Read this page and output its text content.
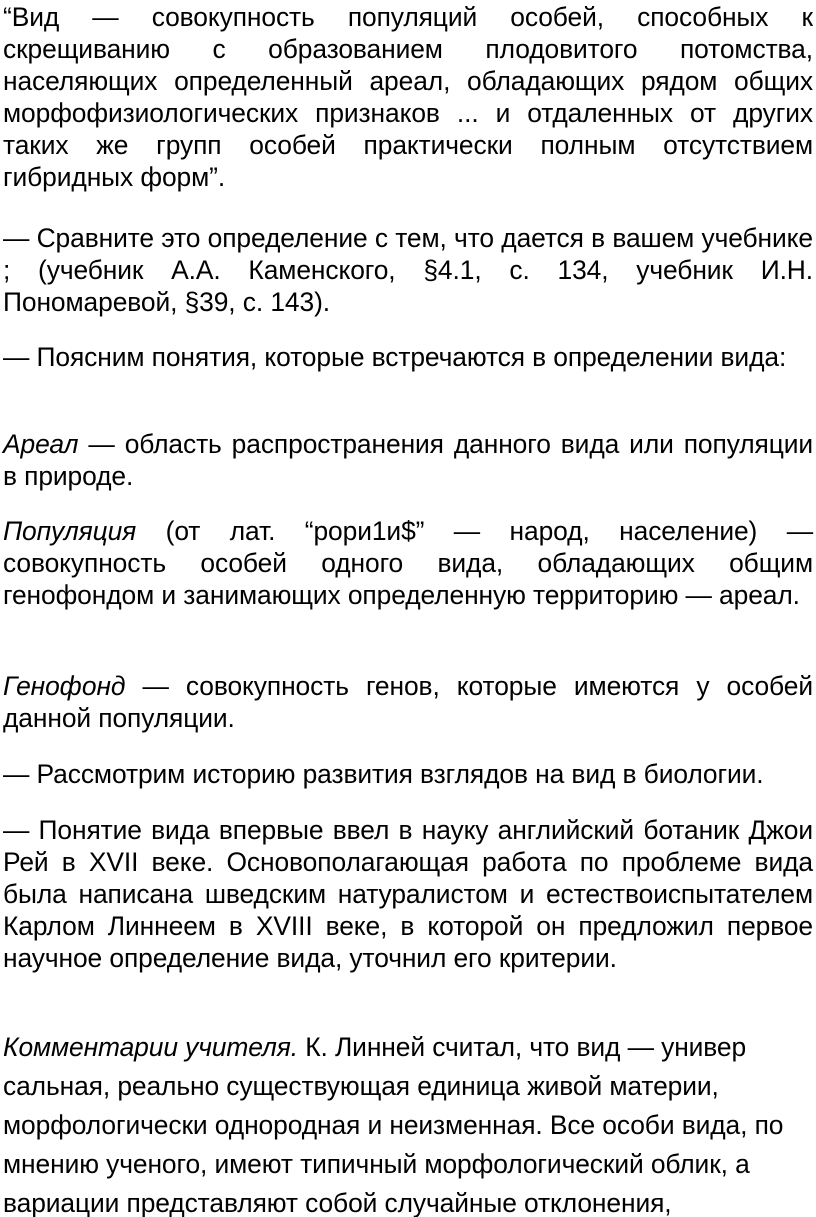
“Вид — совокупность популяций особей, способных к скрещиванию с образованием плодовитого потомства, населяющих определенный ареал, обладающих рядом общих морфофизиологических признаков ... и отдаленных от других таких же групп особей практически полным отсутствием гибридных форм”.

— Сравните это определение с тем, что дается в вашем учебнике ; (учебник А.А. Каменского, §4.1, с. 134, учебник И.Н. Пономаревой, §39, с. 143).

— Поясним понятия, которые встречаются в определении вида:

Ареал — область распространения данного вида или популяции в природе.

Популяция (от лат. “рори1и$” — народ, население) — совокупность особей одного вида, обладающих общим генофондом и занимающих определенную территорию — ареал.

Генофонд — совокупность генов, которые имеются у особей данной популяции.

— Рассмотрим историю развития взглядов на вид в биологии.

— Понятие вида впервые ввел в науку английский ботаник Джои Рей в XVII веке. Основополагающая работа по проблеме вида была написана шведским натуралистом и естествоиспытателем Карлом Линнеем в XVIII веке, в которой он предложил первое научное определение вида, уточнил его критерии.

Комментарии учителя. К. Линней считал, что вид — универ сальная, реально существующая единица живой материи, морфологически однородная и неизменная. Все особи вида, по мнению ученого, имеют типичный морфологический облик, а вариации представляют собой случайные отклонения,
